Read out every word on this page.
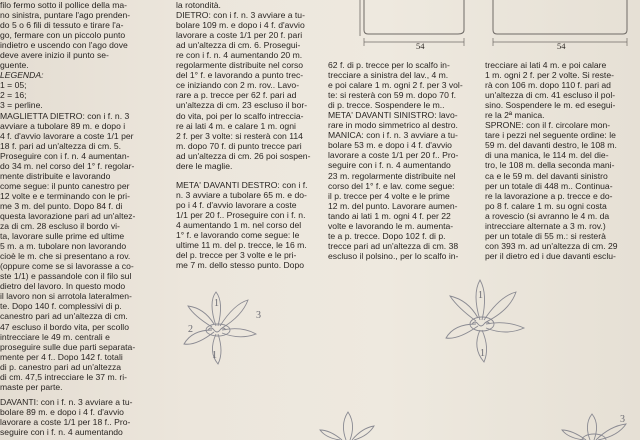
filo fermo sotto il pollice della ma-
no sinistra, puntare l'ago prenden-
do 5 o 6 fili di tessuto e tirare l'a-
go, fermare con un piccolo punto
indietro e uscendo con l'ago dove
deve avere inizio il punto se-
guente.
LEGENDA:
1 = 05;
2 = 16;
3 = perline.
MAGLIETTA DIETRO: con i f. n. 3
avviare a tubolare 89 m. e dopo i
4 f. d'avvio lavorare a coste 1/1 per
18 f. pari ad un'altezza di cm. 5.
Proseguire con i f. n. 4 aumentan-
do 34 m. nel corso del 1° f. regolar-
mente distribuite e lavorando
come segue: il punto canestro per
12 volte e e terminando con le pri-
me 3 m. del punto. Dopo 84 f. di
questa lavorazione pari ad un'altez-
za di cm. 28 escluso il bordo vi-
ta, lavorare sulle prime ed ultime
5 m. a m. tubolare non lavorando
cioè le m. che si presentano a rov.
(oppure come se si lavorasse a co-
ste 1/1) e passandole con il filo sul
dietro del lavoro. In questo modo
il lavoro non si arrotola lateralmen-
te. Dopo 140 f. complessivi di p.
canestro pari ad un'altezza di cm.
47 escluso il bordo vita, per scollo
intrecciare le 49 m. centrali e
proseguire sulle due parti separata-
mente per 4 f.. Dopo 142 f. totali
di p. canestro pari ad un'altezza
di cm. 47,5 intrecciare le 37 m. ri-
maste per parte.
DAVANTI: con i f. n. 3 avviare a tu-
bolare 89 m. e dopo i 4 f. d'avvio
lavorare a coste 1/1 per 18 f.. Pro-
seguire con i f. n. 4 aumentando
la rotondità.
DIETRO: con i f. n. 3 avviare a tu-
bolare 109 m. e dopo i 4 f. d'avvio
lavorare a coste 1/1 per 20 f. pari
ad un'altezza di cm. 6. Prosegui-
re con i f. n. 4 aumentando 20 m.
regolarmente distribuite nel corso
del 1° f. e lavorando a punto trec-
ce iniziando con 2 m. rov.. Lavo-
rare a p. trecce per 62 f. pari ad
un'altezza di cm. 23 escluso il bor-
do vita, poi per lo scalfo intreccia-
re ai lati 4 m. e calare 1 m. ogni
2 f. per 3 volte: si resterà con 114
m. dopo 70 f. di punto trecce pari
ad un'altezza di cm. 26 poi sospen-
dere le maglie.
META' DAVANTI DESTRO: con i f.
n. 3 avviare a tubolare 65 m. e do-
po i 4 f. d'avvio lavorare a coste
1/1 per 20 f.. Proseguire con i f. n.
4 aumentando 1 m. nel corso del
1° f. e lavorando come segue: le
ultime 11 m. del p. trecce, le 16 m.
del p. trecce per 3 volte e le pri-
me 7 m. dello stesso punto. Dopo
54	54
62 f. di p. trecce per lo scalfo in-
trecciare a sinistra del lav., 4 m.
e poi calare 1 m. ogni 2 f. per 3 vol-
te: si resterà con 59 m. dopo 70 f.
di p. trecce. Sospendere le m..
META' DAVANTI SINISTRO: lavo-
rare in modo simmetrico al destro.
MANICA: con i f. n. 3 avviare a tu-
bolare 53 m. e dopo i 4 f. d'avvio
lavorare a coste 1/1 per 20 f.. Pro-
seguire con i f. n. 4 aumentando
23 m. regolarmente distribuite nel
corso del 1° f. e lav. come segue:
il p. trecce per 4 volte e le prime
12 m. del punto. Lavorare aumen-
tando ai lati 1 m. ogni 4 f. per 22
volte e lavorando le m. aumenta-
te a p. trecce. Dopo 102 f. di p.
trecce pari ad un'altezza di cm. 38
escluso il polsino., per lo scalfo in-
trecciare ai lati 4 m. e poi calare
1 m. ogni 2 f. per 2 volte. Si reste-
rà con 106 m. dopo 110 f. pari ad
un'altezza di cm. 41 escluso il pol-
sino. Sospendere le m. ed esegui-
re la 2ª manica.
SPRONE: con il f. circolare mon-
tare i pezzi nel seguente ordine: le
59 m. del davanti destro, le 108 m.
di una manica, le 114 m. del die-
tro, le 108 m. della seconda mani-
ca e le 59 m. del davanti sinistro
per un totale di 448 m.. Continua-
re la lavorazione a p. trecce e do-
po 8 f. calare 1 m. su ogni costa
a rovescio (si avranno le 4 m. da
intrecciare alternate a 3 m. rov.)
per un totale di 55 m.: si resterà
con 393 m. ad un'altezza di cm. 29
per il dietro ed i due davanti esclu-
1
3
2
1
1
1
3
